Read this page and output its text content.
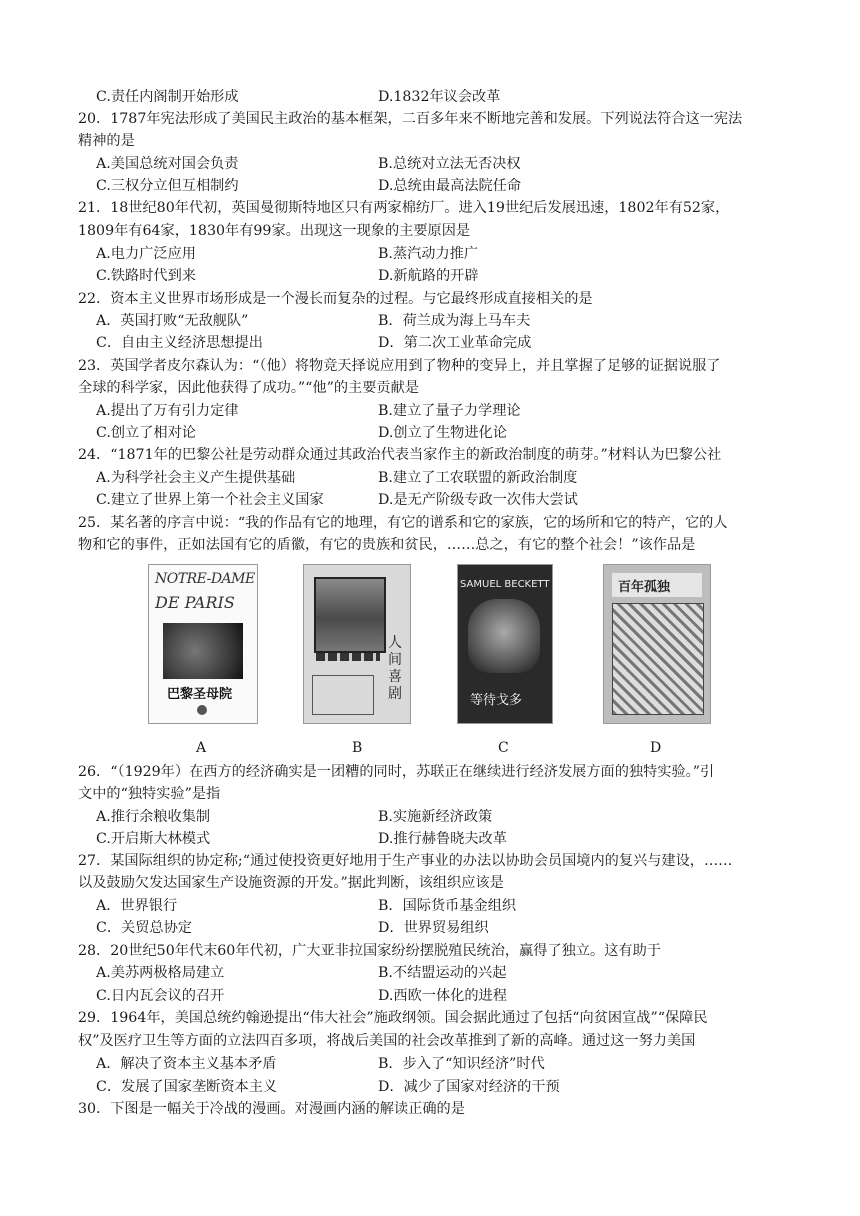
C.责任内阁制开始形成	D.1832年议会改革
20．1787年宪法形成了美国民主政治的基本框架，二百多年来不断地完善和发展。下列说法符合这一宪法
精神的是
A.美国总统对国会负责	B.总统对立法无否决权
C.三权分立但互相制约	D.总统由最高法院任命
21．18世纪80年代初，英国曼彻斯特地区只有两家棉纺厂。进入19世纪后发展迅速，1802年有52家，
1809年有64家，1830年有99家。出现这一现象的主要原因是
A.电力广泛应用	B.蒸汽动力推广
C.铁路时代到来	D.新航路的开辟
22．资本主义世界市场形成是一个漫长而复杂的过程。与它最终形成直接相关的是
A．英国打败“无敌舰队”	B．荷兰成为海上马车夫
C．自由主义经济思想提出	D．第二次工业革命完成
23．英国学者皮尔森认为：“（他）将物竞天择说应用到了物种的变异上，并且掌握了足够的证据说服了
全球的科学家，因此他获得了成功。”“他”的主要贡献是
A.提出了万有引力定律	B.建立了量子力学理论
C.创立了相对论	D.创立了生物进化论
24．“1871年的巴黎公社是劳动群众通过其政治代表当家作主的新政治制度的萌芽。”材料认为巴黎公社
A.为科学社会主义产生提供基础	B.建立了工农联盟的新政治制度
C.建立了世界上第一个社会主义国家	D.是无产阶级专政一次伟大尝试
25．某名著的序言中说：“我的作品有它的地理，有它的谱系和它的家族，它的场所和它的特产，它的人
物和它的事件，正如法国有它的盾徽，有它的贵族和贫民，……总之，有它的整个社会！”该作品是
26．“（1929年）在西方的经济确实是一团糟的同时，苏联正在继续进行经济发展方面的独特实验。”引
文中的“独特实验”是指
A.推行余粮收集制	B.实施新经济政策
C.开启斯大林模式	D.推行赫鲁晓夫改革
27．某国际组织的协定称;“通过使投资更好地用于生产事业的办法以协助会员国境内的复兴与建设，……
以及鼓励欠发达国家生产设施资源的开发。”据此判断，该组织应该是
A．世界银行	B．国际货币基金组织
C．关贸总协定	D．世界贸易组织
28．20世纪50年代末60年代初，广大亚非拉国家纷纷摆脱殖民统治，赢得了独立。这有助于
A.美苏两极格局建立	B.不结盟运动的兴起
C.日内瓦会议的召开	D.西欧一体化的进程
29．1964年，美国总统约翰逊提出“伟大社会”施政纲领。国会据此通过了包括“向贫困宣战”“保障民
权”及医疗卫生等方面的立法四百多项，将战后美国的社会改革推到了新的高峰。通过这一努力美国
A．解决了资本主义基本矛盾	B．步入了“知识经济”时代
C．发展了国家垄断资本主义	D．减少了国家对经济的干预
30．下图是一幅关于冷战的漫画。对漫画内涵的解读正确的是
NOTRE-DAME
DE PARIS
巴黎圣母院
人间喜剧
SAMUEL BECKETT
等待戈多
百年孤独
A	B	C	D
